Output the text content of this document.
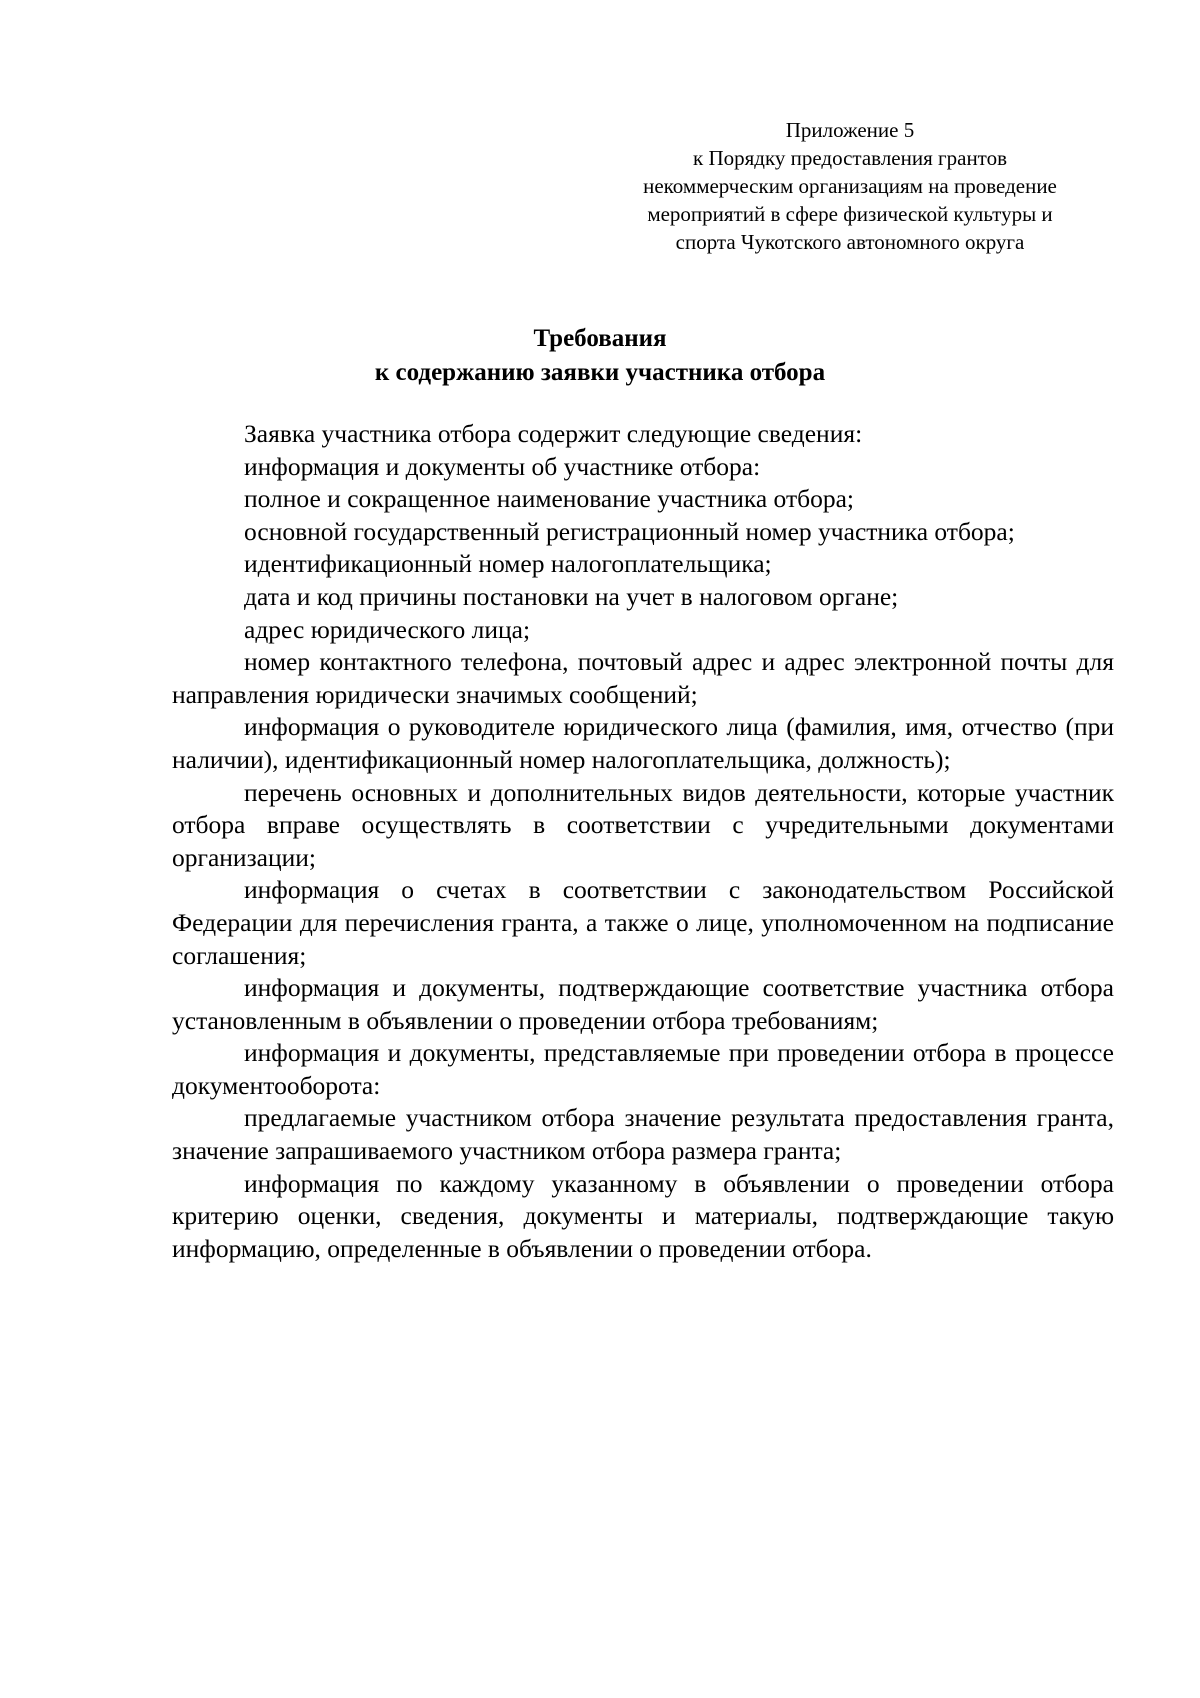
Приложение 5
к Порядку предоставления грантов
некоммерческим организациям на проведение
мероприятий в сфере физической культуры и
спорта Чукотского автономного округа
Требования
к содержанию заявки участника отбора

Заявка участника отбора содержит следующие сведения:

информация и документы об участнике отбора:

полное и сокращенное наименование участника отбора;

основной государственный регистрационный номер участника отбора;

идентификационный номер налогоплательщика;

дата и код причины постановки на учет в налоговом органе;

адрес юридического лица;

номер контактного телефона, почтовый адрес и адрес электронной почты для направления юридически значимых сообщений;

информация о руководителе юридического лица (фамилия, имя, отчество (при наличии), идентификационный номер налогоплательщика, должность);

перечень основных и дополнительных видов деятельности, которые участник отбора вправе осуществлять в соответствии с учредительными документами организации;

информация о счетах в соответствии с законодательством Российской Федерации для перечисления гранта, а также о лице, уполномоченном на подписание соглашения;

информация и документы, подтверждающие соответствие участника отбора установленным в объявлении о проведении отбора требованиям;

информация и документы, представляемые при проведении отбора в процессе документооборота:

предлагаемые участником отбора значение результата предоставления гранта, значение запрашиваемого участником отбора размера гранта;

информация по каждому указанному в объявлении о проведении отбора критерию оценки, сведения, документы и материалы, подтверждающие такую информацию, определенные в объявлении о проведении отбора.
